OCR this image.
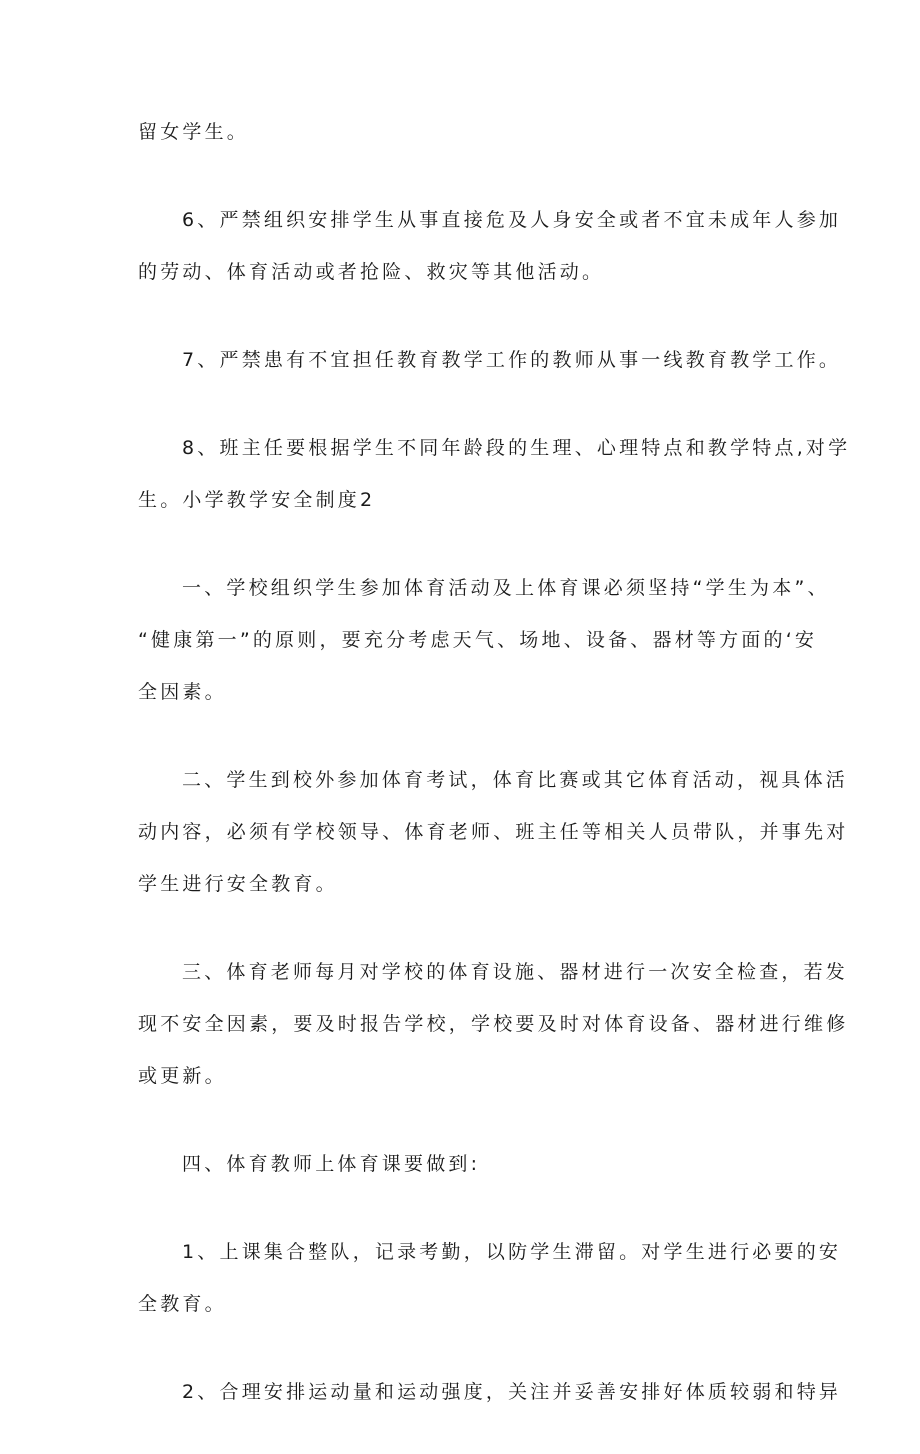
留女学生。
6、严禁组织安排学生从事直接危及人身安全或者不宜未成年人参加
的劳动、体育活动或者抢险、救灾等其他活动。
7、严禁患有不宜担任教育教学工作的教师从事一线教育教学工作。
8、班主任要根据学生不同年龄段的生理、心理特点和教学特点,对学
生。小学教学安全制度2
一、学校组织学生参加体育活动及上体育课必须坚持“学生为本”、
“健康第一”的原则，要充分考虑天气、场地、设备、器材等方面的‘安
全因素。
二、学生到校外参加体育考试，体育比赛或其它体育活动，视具体活
动内容，必须有学校领导、体育老师、班主任等相关人员带队，并事先对
学生进行安全教育。
三、体育老师每月对学校的体育设施、器材进行一次安全检查，若发
现不安全因素，要及时报告学校，学校要及时对体育设备、器材进行维修
或更新。
四、体育教师上体育课要做到:
1、上课集合整队，记录考勤，以防学生滞留。对学生进行必要的安
全教育。
2、合理安排运动量和运动强度，关注并妥善安排好体质较弱和特异
